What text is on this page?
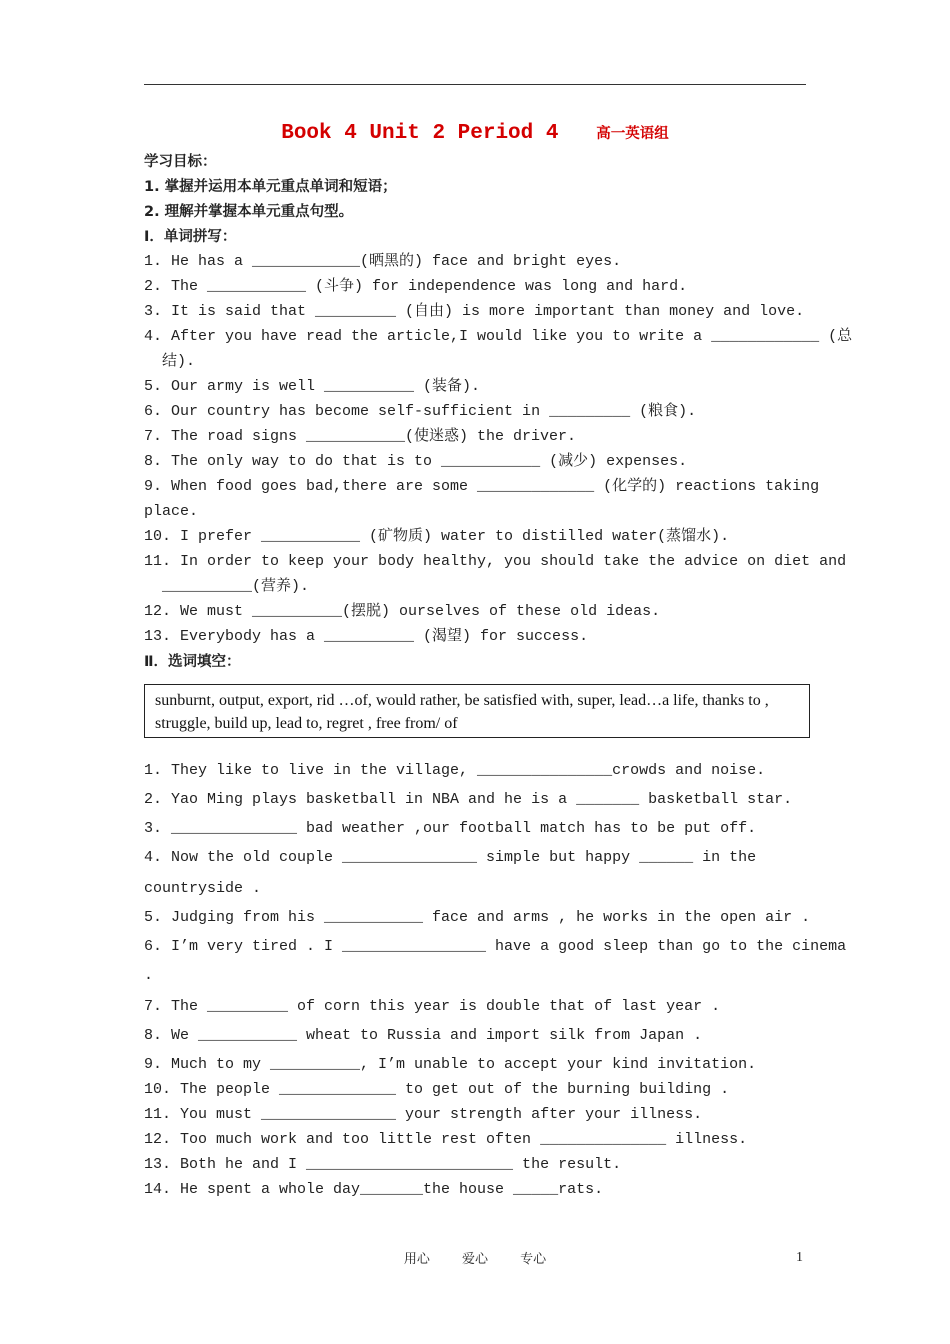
Book 4 Unit 2 Period 4	高一英语组
学习目标：
1. 掌握并运用本单元重点单词和短语；
2. 理解并掌握本单元重点句型。
I．单词拼写：
1. He has a ____________(晒黑的) face and bright eyes.
2. The ___________ (斗争) for independence was long and hard.
3. It is said that _________ (自由) is more important than money and love.
4. After you have read the article,I would like you to write a ____________ (总
结).
5. Our army is well __________ (装备).
6. Our country has become self-sufficient in _________ (粮食).
7. The road signs ___________(使迷惑) the driver.
8. The only way to do that is to ___________ (减少) expenses.
9. When food goes bad,there are some _____________ (化学的) reactions taking
place.
10. I prefer ___________ (矿物质) water to distilled water(蒸馏水).
11. In order to keep your body healthy, you should take the advice on diet and
__________(营养).
12. We must __________(摆脱) ourselves of these old ideas.
13. Everybody has a __________ (渴望) for success.
Ⅱ．选词填空：
sunburnt, output, export, rid …of, would rather, be satisfied with, super, lead…a life, thanks to , struggle, build up, lead to, regret , free from/ of
1. They like to live in the village, _______________crowds and noise.
2. Yao Ming plays basketball in NBA and he is a _______ basketball star.
3. ______________ bad weather ,our football match has to be put off.
4. Now the old couple _______________ simple but happy ______ in the
countryside .
5. Judging from his ___________ face and arms , he works in the open air .
6. I’m very tired . I ________________ have a good sleep than go to the cinema
.
7. The _________ of corn this year is double that of last year .
8. We ___________ wheat to Russia and import silk from Japan .
9. Much to my __________, I’m unable to accept your kind invitation.
10. The people _____________ to get out of the burning building .
11. You must _______________ your strength after your illness.
12. Too much work and too little rest often ______________ illness.
13. Both he and I _______________________ the result.
14. He spent a whole day_______the house _____rats.
用心 爱心 专心	1
